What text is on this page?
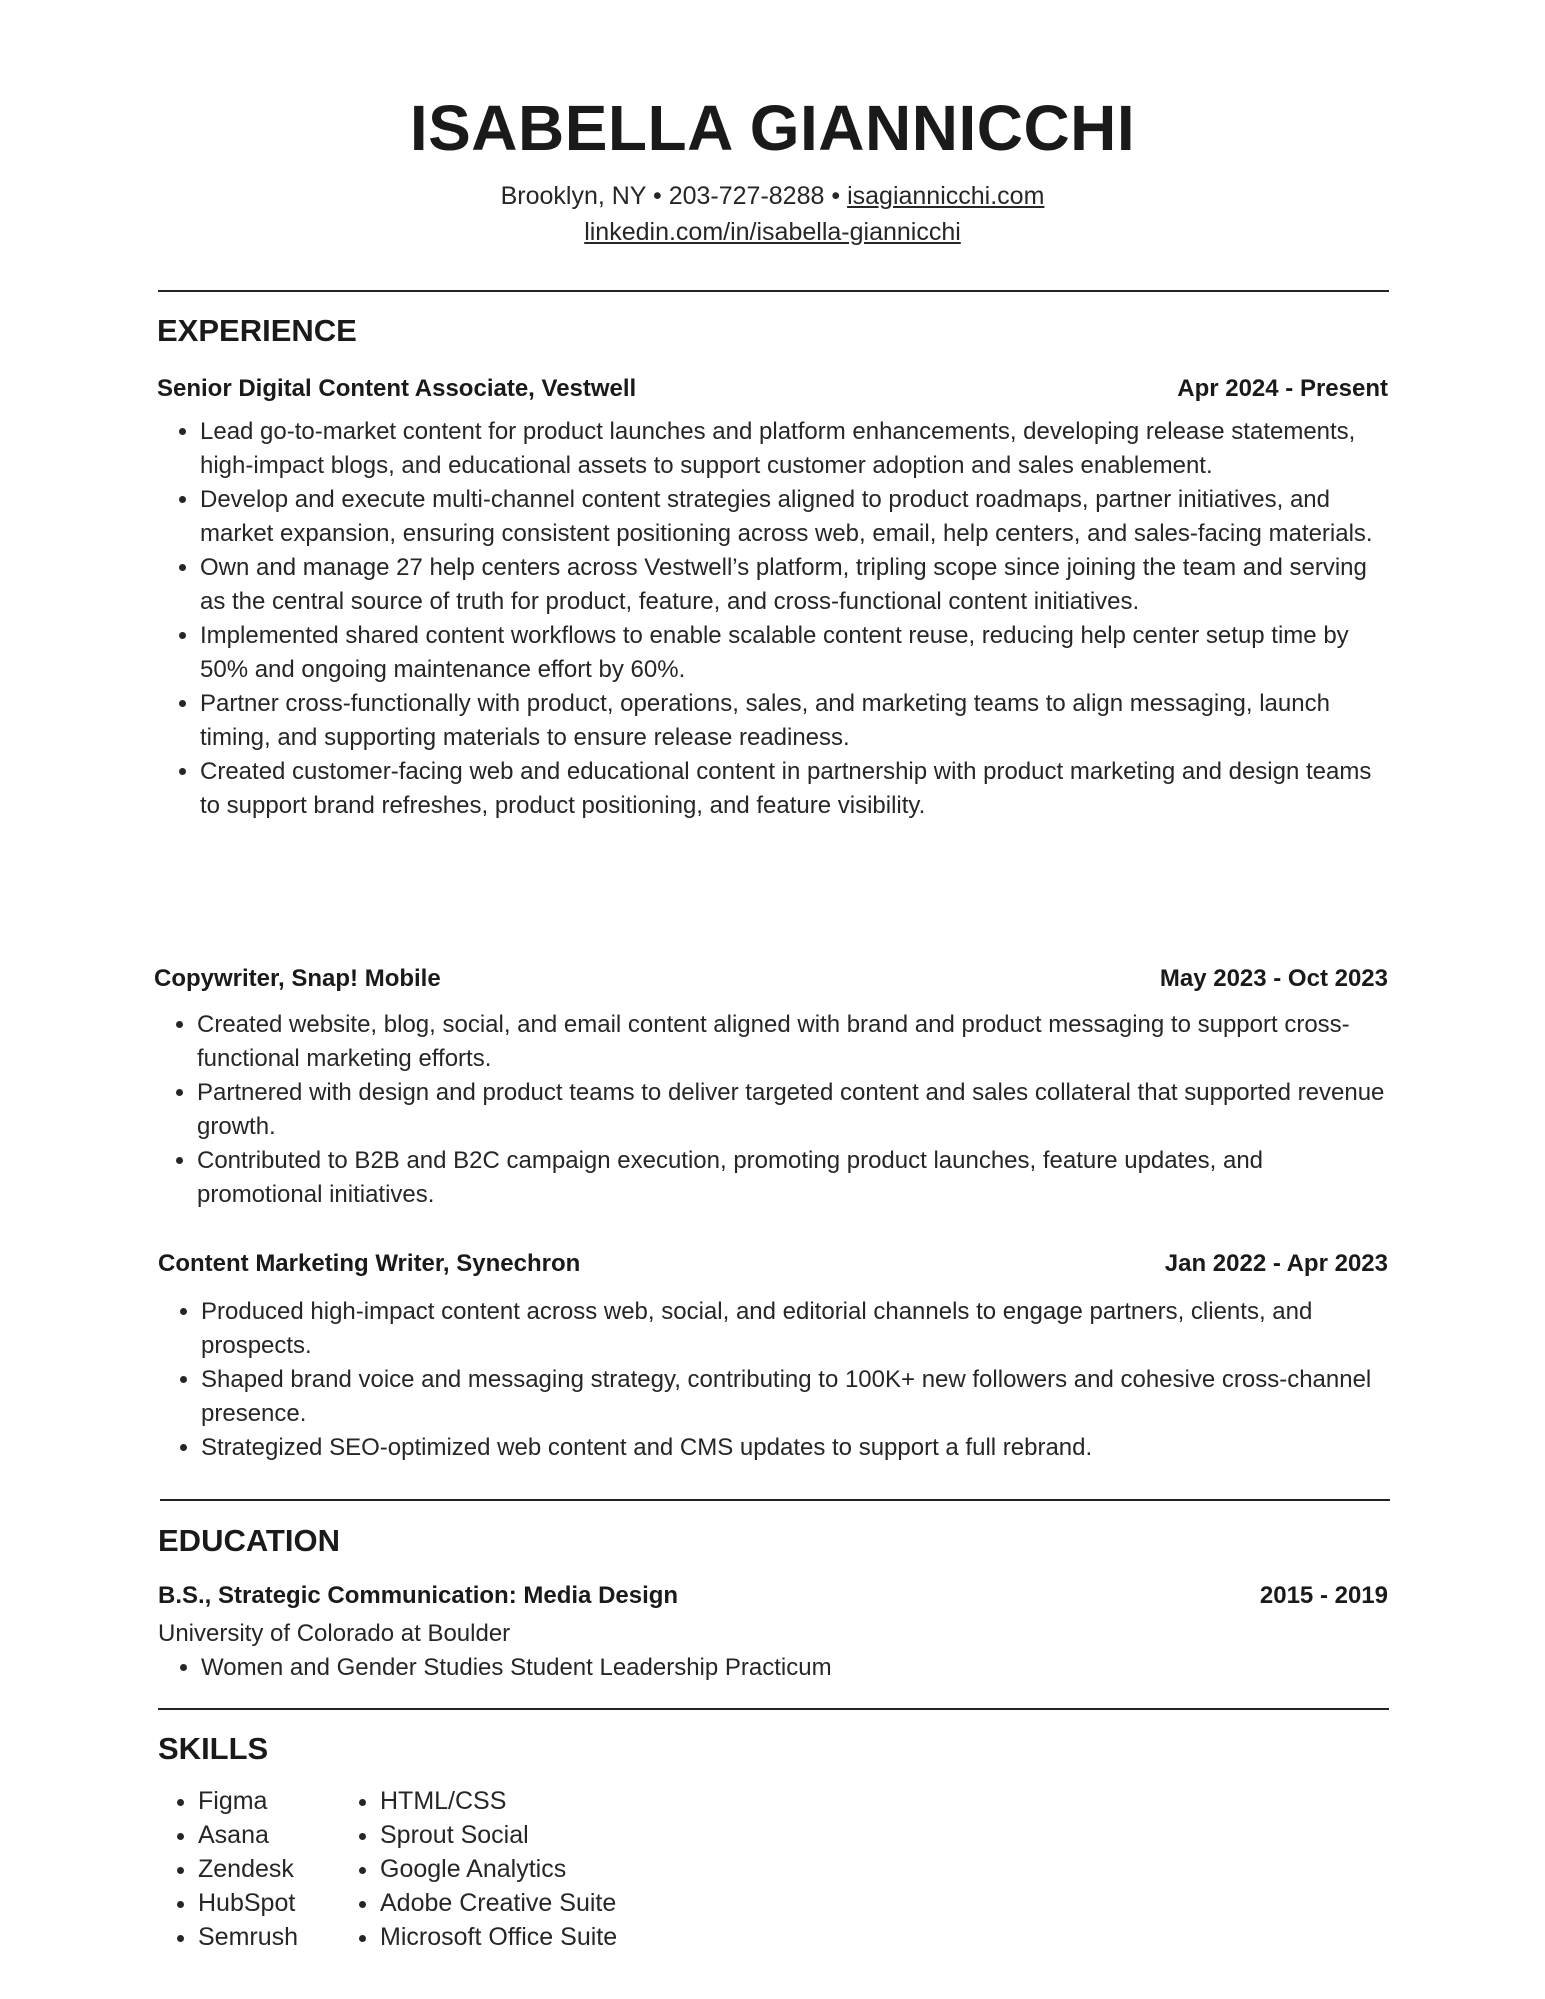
ISABELLA GIANNICCHI
Brooklyn, NY • 203-727-8288 • isagiannicchi.com
linkedin.com/in/isabella-giannicchi
EXPERIENCE
Senior Digital Content Associate, Vestwell	Apr 2024 - Present
• Lead go-to-market content for product launches and platform enhancements, developing release statements, high-impact blogs, and educational assets to support customer adoption and sales enablement.
• Develop and execute multi-channel content strategies aligned to product roadmaps, partner initiatives, and market expansion, ensuring consistent positioning across web, email, help centers, and sales-facing materials.
• Own and manage 27 help centers across Vestwell’s platform, tripling scope since joining the team and serving as the central source of truth for product, feature, and cross-functional content initiatives.
• Implemented shared content workflows to enable scalable content reuse, reducing help center setup time by 50% and ongoing maintenance effort by 60%.
• Partner cross-functionally with product, operations, sales, and marketing teams to align messaging, launch timing, and supporting materials to ensure release readiness.
• Created customer-facing web and educational content in partnership with product marketing and design teams to support brand refreshes, product positioning, and feature visibility.
Copywriter, Snap! Mobile	May 2023 - Oct 2023
• Created website, blog, social, and email content aligned with brand and product messaging to support cross-functional marketing efforts.
• Partnered with design and product teams to deliver targeted content and sales collateral that supported revenue growth.
• Contributed to B2B and B2C campaign execution, promoting product launches, feature updates, and promotional initiatives.
Content Marketing Writer, Synechron	Jan 2022 - Apr 2023
• Produced high-impact content across web, social, and editorial channels to engage partners, clients, and prospects.
• Shaped brand voice and messaging strategy, contributing to 100K+ new followers and cohesive cross-channel presence.
• Strategized SEO-optimized web content and CMS updates to support a full rebrand.
EDUCATION
B.S., Strategic Communication: Media Design	2015 - 2019
University of Colorado at Boulder
• Women and Gender Studies Student Leadership Practicum
SKILLS
• Figma
• Asana
• Zendesk
• HubSpot
• Semrush
• HTML/CSS
• Sprout Social
• Google Analytics
• Adobe Creative Suite
• Microsoft Office Suite
